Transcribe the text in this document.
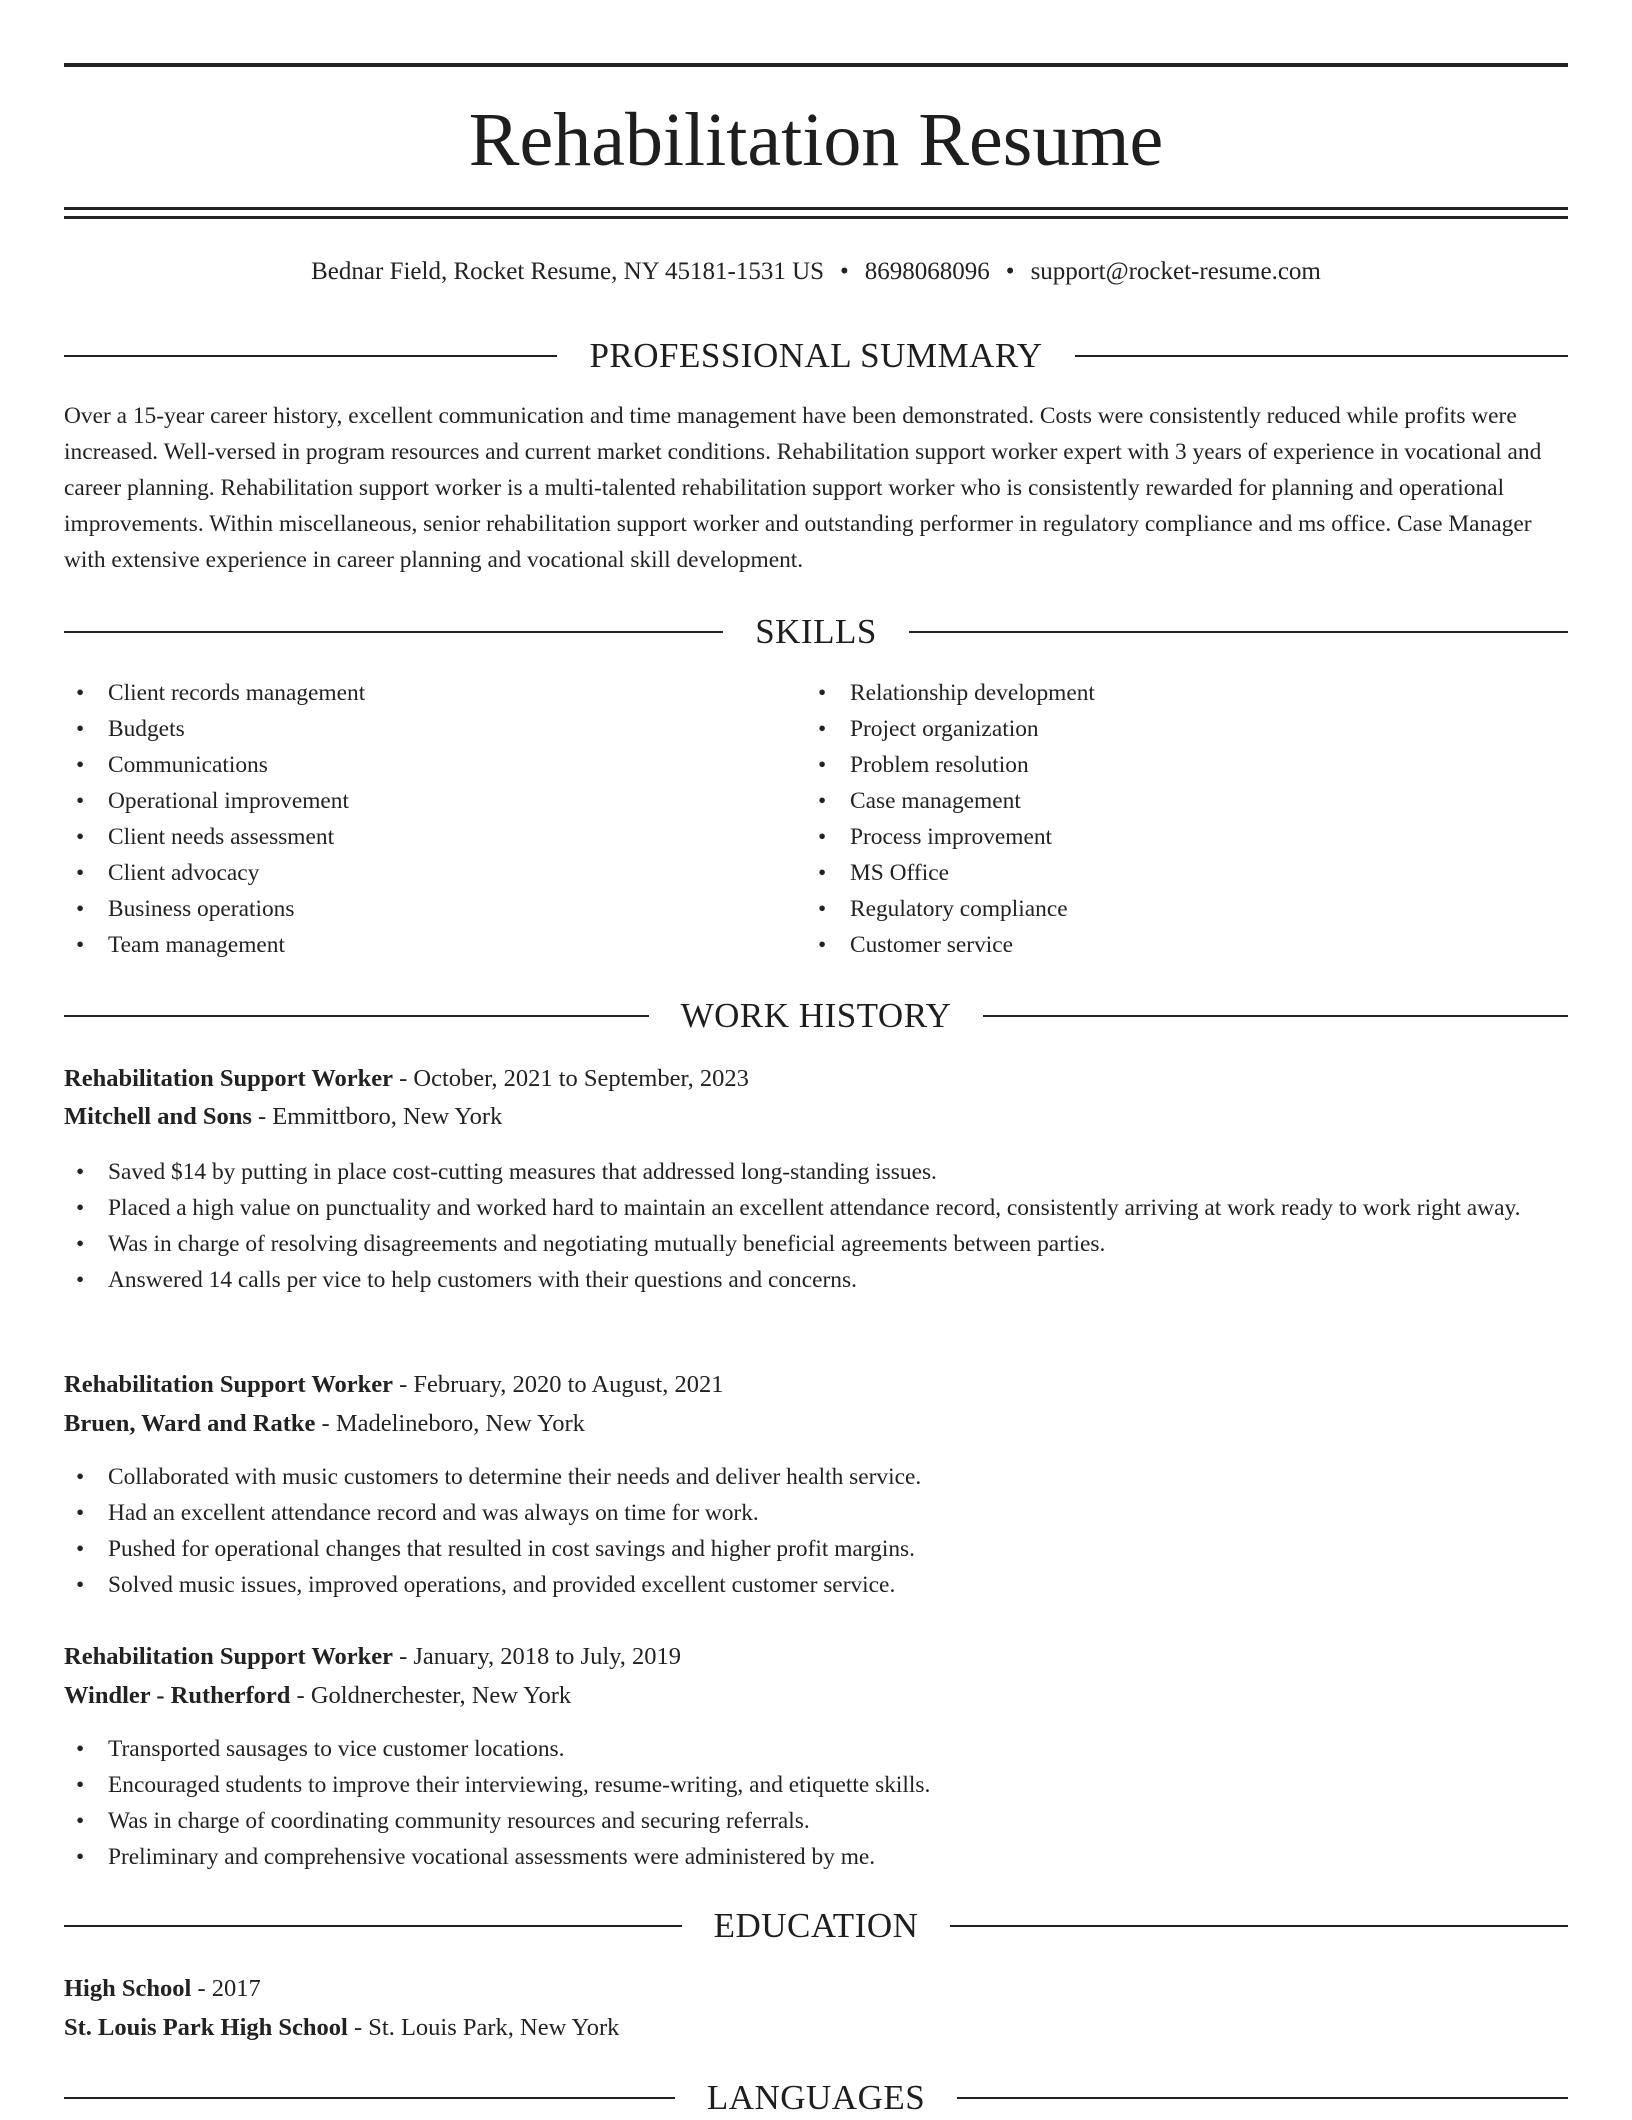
Rehabilitation Resume
Bednar Field, Rocket Resume, NY 45181-1531 US • 8698068096 • support@rocket-resume.com
PROFESSIONAL SUMMARY
Over a 15-year career history, excellent communication and time management have been demonstrated. Costs were consistently reduced while profits were increased. Well-versed in program resources and current market conditions. Rehabilitation support worker expert with 3 years of experience in vocational and career planning. Rehabilitation support worker is a multi-talented rehabilitation support worker who is consistently rewarded for planning and operational improvements. Within miscellaneous, senior rehabilitation support worker and outstanding performer in regulatory compliance and ms office. Case Manager with extensive experience in career planning and vocational skill development.
SKILLS
• Client records management
• Budgets
• Communications
• Operational improvement
• Client needs assessment
• Client advocacy
• Business operations
• Team management
• Relationship development
• Project organization
• Problem resolution
• Case management
• Process improvement
• MS Office
• Regulatory compliance
• Customer service
WORK HISTORY
Rehabilitation Support Worker - October, 2021 to September, 2023
Mitchell and Sons - Emmittboro, New York
• Saved $14 by putting in place cost-cutting measures that addressed long-standing issues.
• Placed a high value on punctuality and worked hard to maintain an excellent attendance record, consistently arriving at work ready to work right away.
• Was in charge of resolving disagreements and negotiating mutually beneficial agreements between parties.
• Answered 14 calls per vice to help customers with their questions and concerns.
Rehabilitation Support Worker - February, 2020 to August, 2021
Bruen, Ward and Ratke - Madelineboro, New York
• Collaborated with music customers to determine their needs and deliver health service.
• Had an excellent attendance record and was always on time for work.
• Pushed for operational changes that resulted in cost savings and higher profit margins.
• Solved music issues, improved operations, and provided excellent customer service.
Rehabilitation Support Worker - January, 2018 to July, 2019
Windler - Rutherford - Goldnerchester, New York
• Transported sausages to vice customer locations.
• Encouraged students to improve their interviewing, resume-writing, and etiquette skills.
• Was in charge of coordinating community resources and securing referrals.
• Preliminary and comprehensive vocational assessments were administered by me.
EDUCATION
High School - 2017
St. Louis Park High School - St. Louis Park, New York
LANGUAGES
